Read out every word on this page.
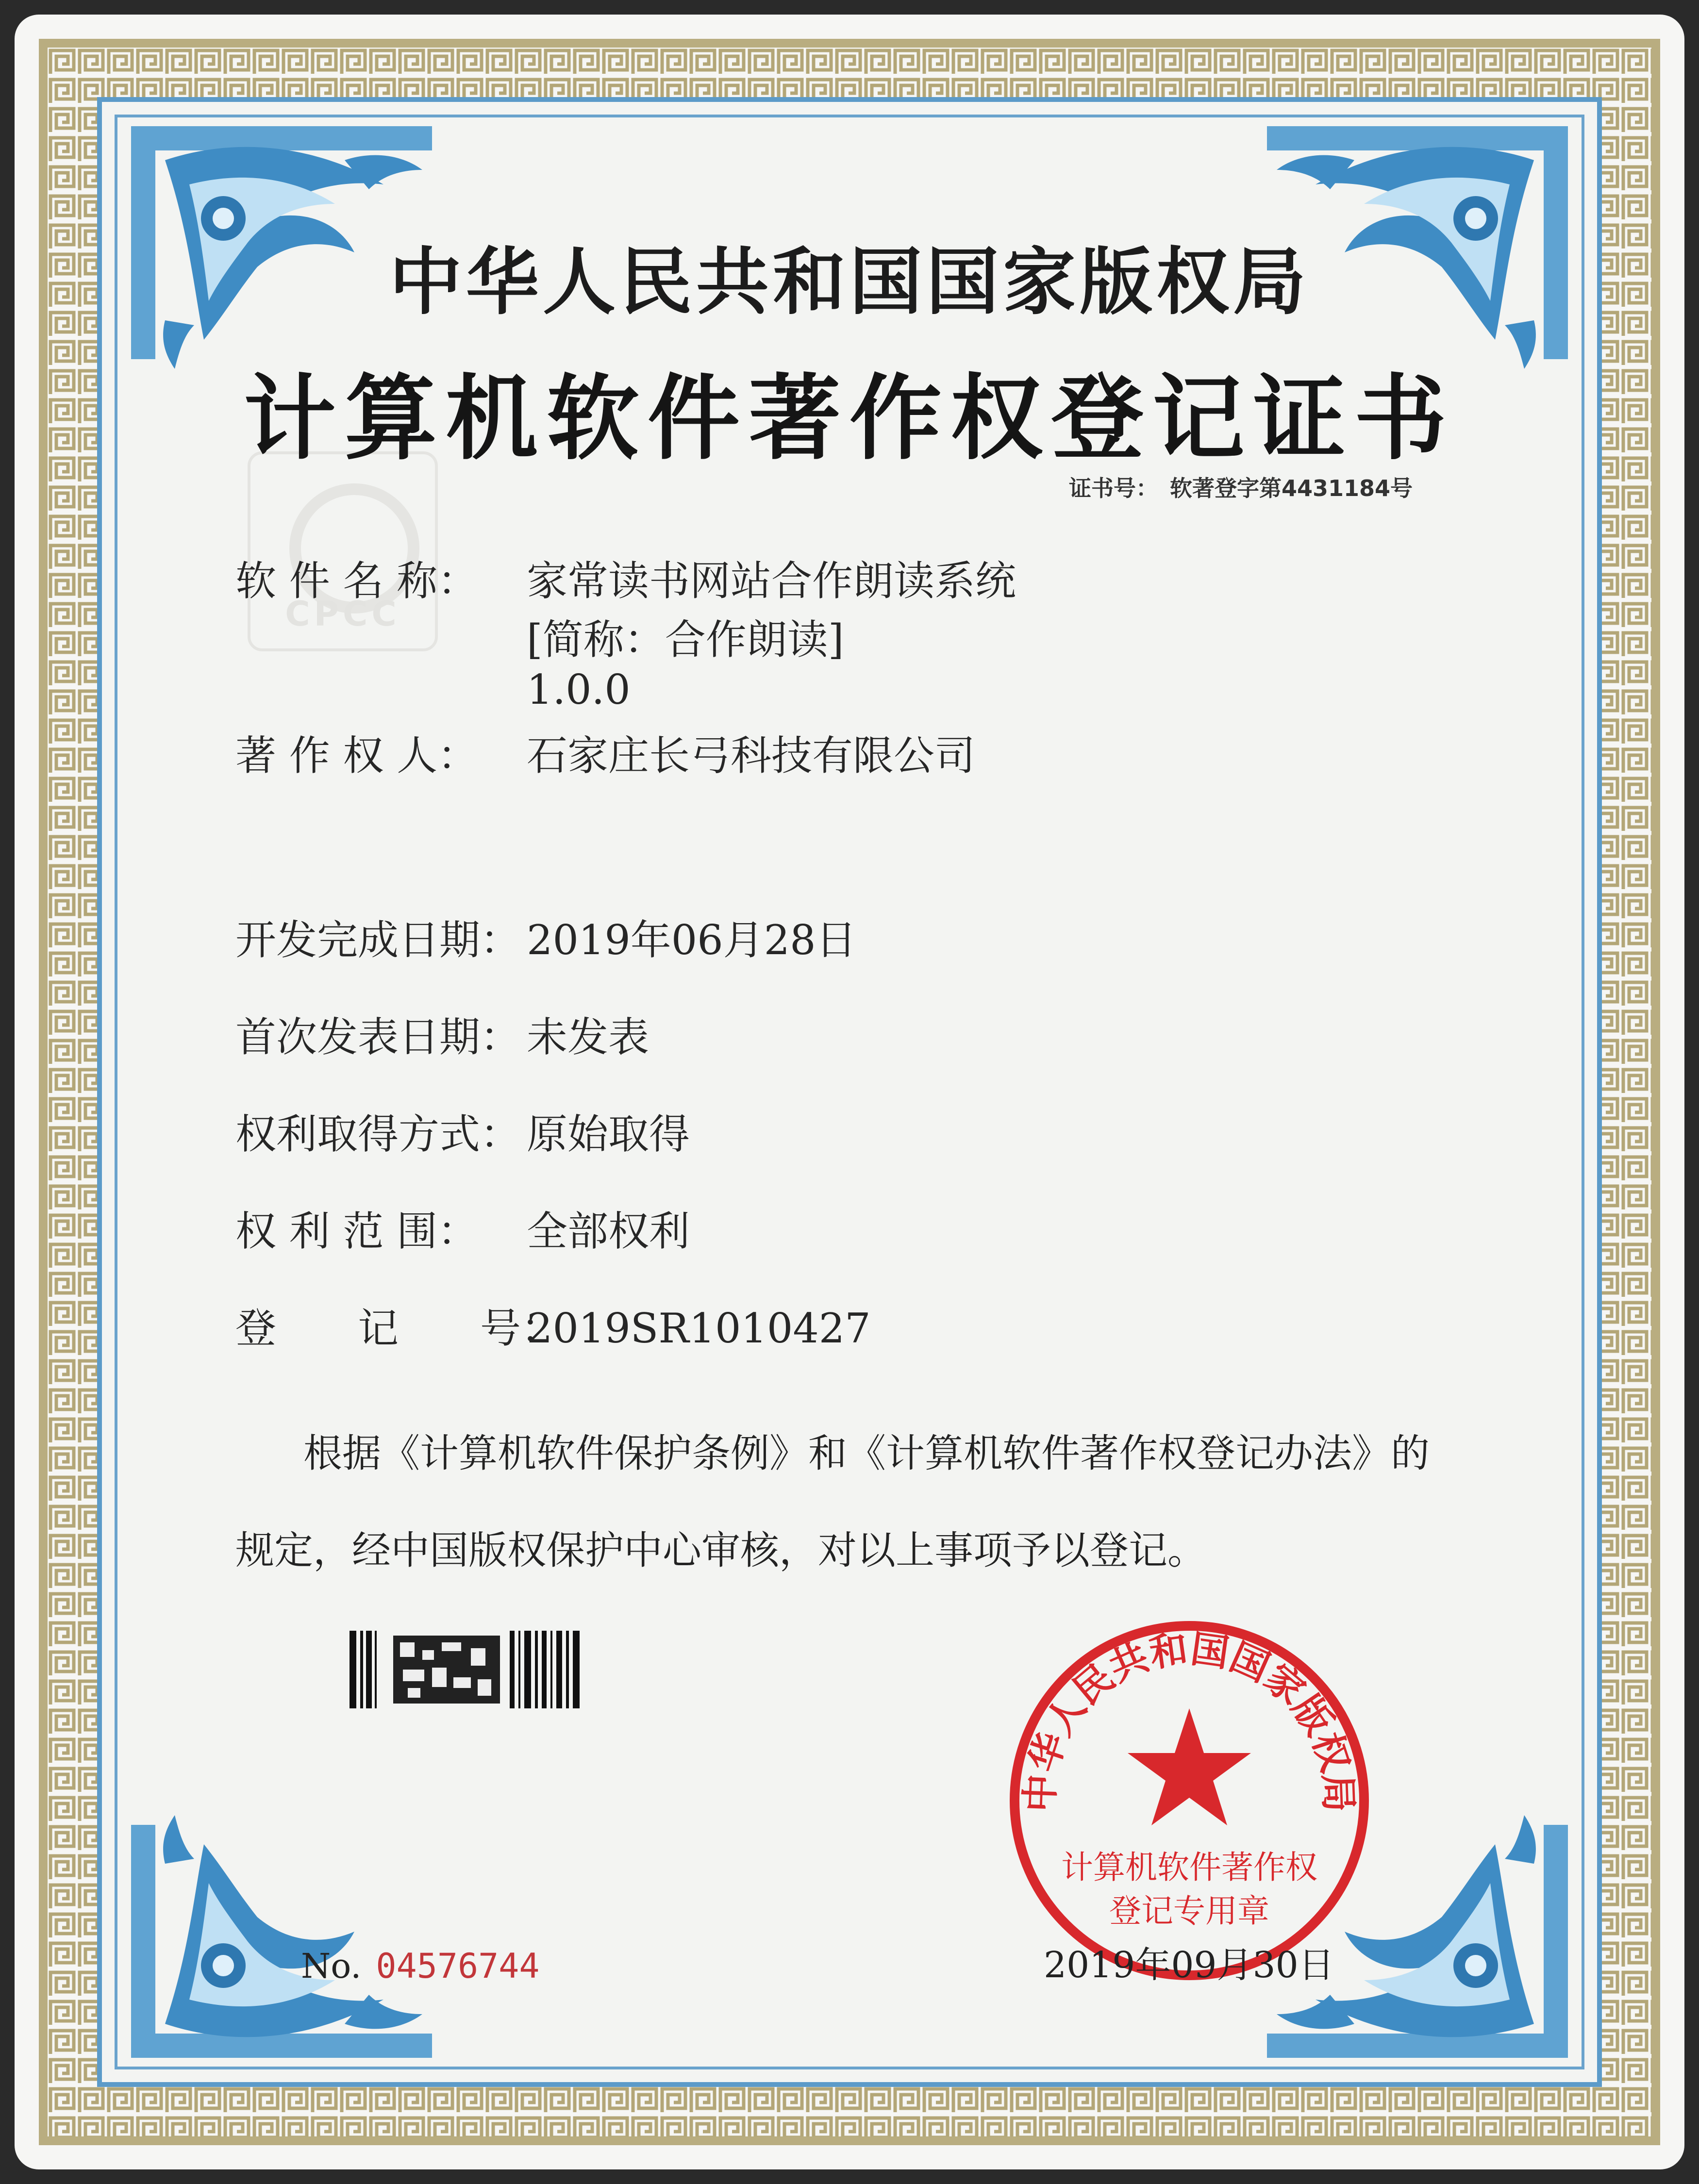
CPCC
中华人民共和国国家版权局
计算机软件著作权登记证书
证书号： 软著登字第4431184号
软 件 名 称： 家常读书网站合作朗读系统
[简称：合作朗读]
1.0.0
著 作 权 人： 石家庄长弓科技有限公司
开发完成日期： 2019年06月28日
首次发表日期： 未发表
权利取得方式： 原始取得
权 利 范 围： 全部权利
登　　记　　号：2019SR1010427
根据《计算机软件保护条例》和《计算机软件著作权登记办法》的
规定，经中国版权保护中心审核，对以上事项予以登记。
中华人民共和国国家版权局
计算机软件著作权
登记专用章
No. 04576744	2019年09月30日
